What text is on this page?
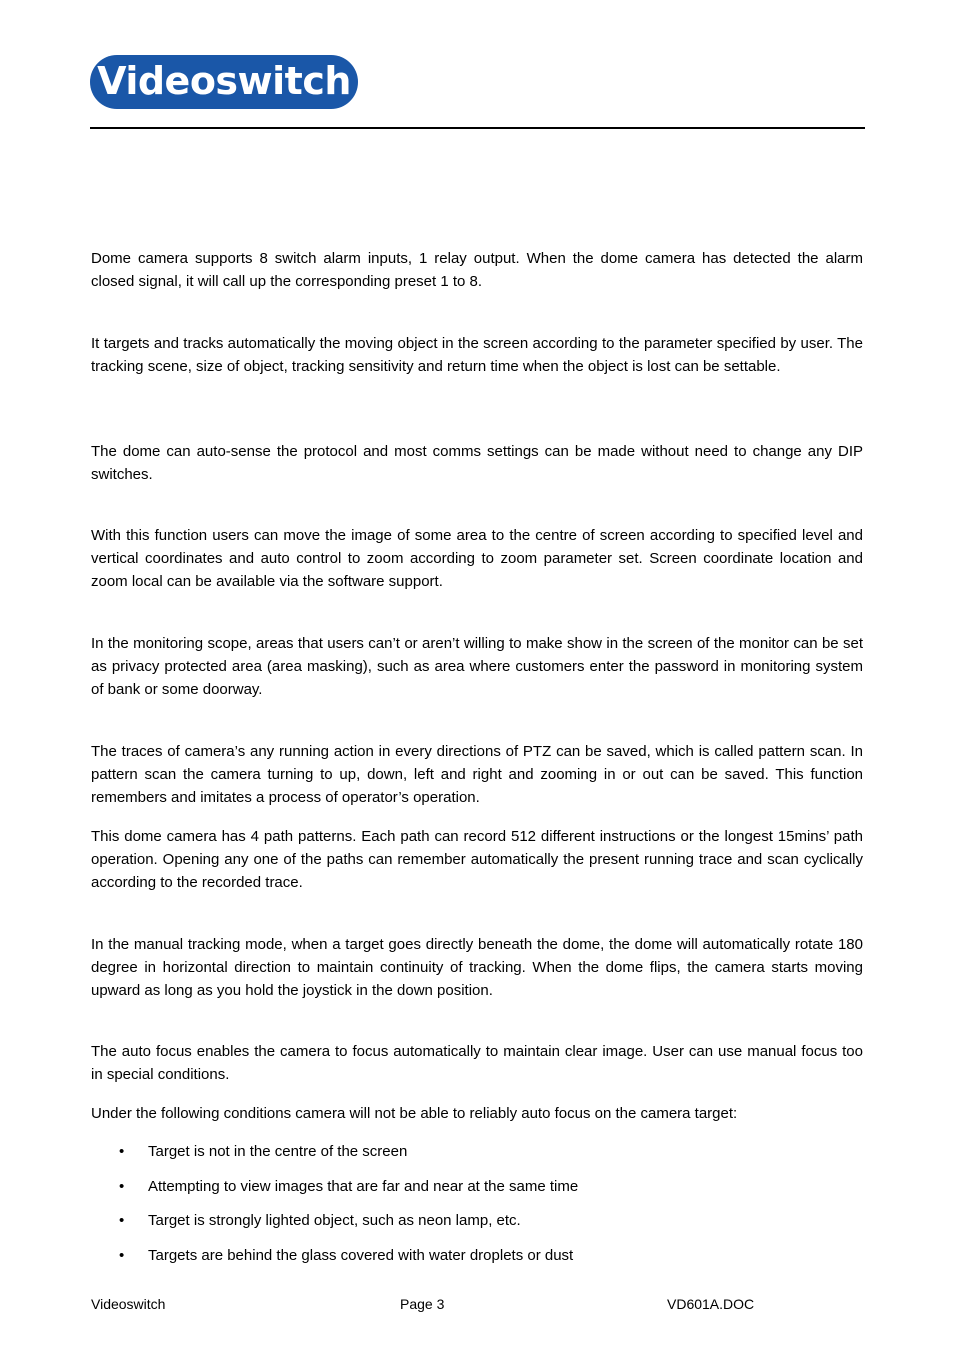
Videoswitch

Dome camera supports 8 switch alarm inputs, 1 relay output. When the dome camera has detected the alarm closed signal, it will call up the corresponding preset 1 to 8.

It targets and tracks automatically the moving object in the screen according to the parameter specified by user. The tracking scene, size of object, tracking sensitivity and return time when the object is lost can be settable.

The dome can auto-sense the protocol and most comms settings can be made without need to change any DIP switches.

With this function users can move the image of some area to the centre of screen according to specified level and vertical coordinates and auto control to zoom according to zoom parameter set. Screen coordinate location and zoom local can be available via the software support.

In the monitoring scope, areas that users can’t or aren’t willing to make show in the screen of the monitor can be set as privacy protected area (area masking), such as area where customers enter the password in monitoring system of bank or some doorway.

The traces of camera’s any running action in every directions of PTZ can be saved, which is called pattern scan. In pattern scan the camera turning to up, down, left and right and zooming in or out can be saved. This function remembers and imitates a process of operator’s operation.

This dome camera has 4 path patterns. Each path can record 512 different instructions or the longest 15mins’ path operation. Opening any one of the paths can remember automatically the present running trace and scan cyclically according to the recorded trace.

In the manual tracking mode, when a target goes directly beneath the dome, the dome will automatically rotate 180 degree in horizontal direction to maintain continuity of tracking. When the dome flips, the camera starts moving upward as long as you hold the joystick in the down position.

The auto focus enables the camera to focus automatically to maintain clear image. User can use manual focus too in special conditions.

Under the following conditions camera will not be able to reliably auto focus on the camera target:

• Target is not in the centre of the screen
• Attempting to view images that are far and near at the same time
• Target is strongly lighted object, such as neon lamp, etc.
• Targets are behind the glass covered with water droplets or dust
Videoswitch	Page 3	VD601A.DOC
